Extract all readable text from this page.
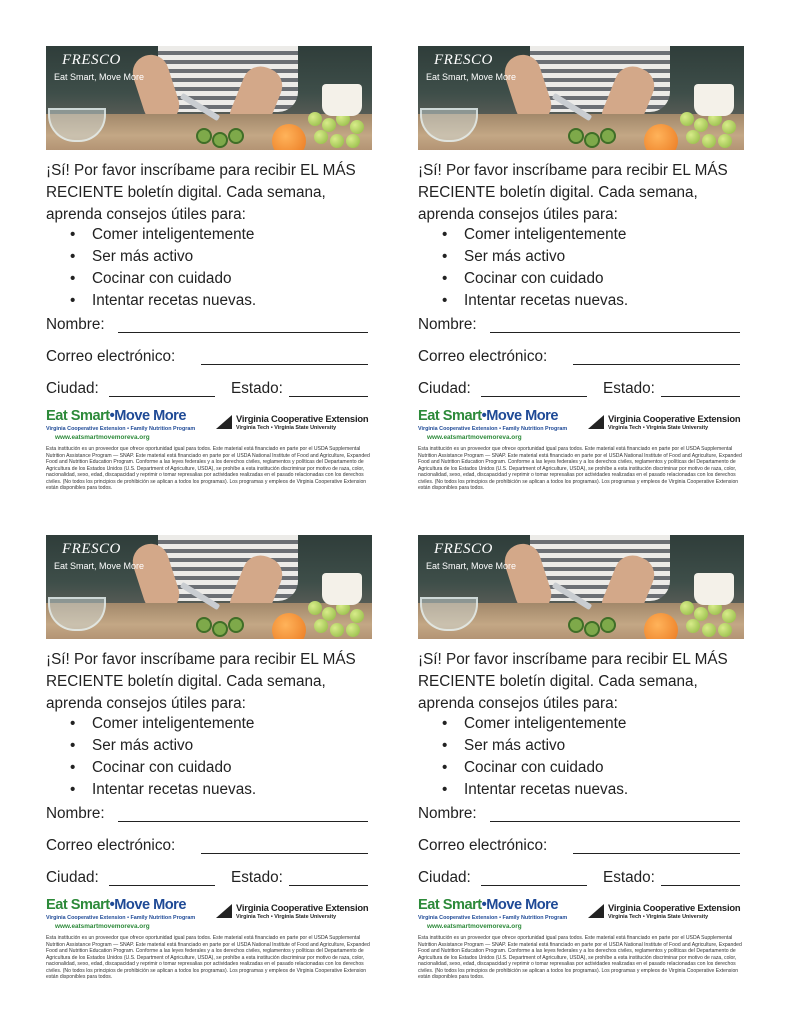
FRESCO
Eat Smart, Move More
¡Sí! Por favor inscríbame para recibir EL MÁS RECIENTE boletín digital. Cada semana, aprenda consejos útiles para:
• Comer inteligentemente
• Ser más activo
• Cocinar con cuidado
• Intentar recetas nuevas.
Nombre:
Correo electrónico:
Ciudad:	Estado:
Eat Smart•Move More
Virginia Cooperative Extension • Family Nutrition Program
www.eatsmartmovemoreva.org
Virginia Cooperative Extension
Virginia Tech • Virginia State University
Esta institución es un proveedor que ofrece oportunidad igual para todos. Este material está financiado en parte por el USDA Supplemental Nutrition Assistance Program — SNAP. Este material está financiado en parte por el USDA National Institute of Food and Agriculture, Expanded Food and Nutrition Education Program. Conforme a las leyes federales y a los derechos civiles, reglamentos y políticas del Departamento de Agricultura de los Estados Unidos (U.S. Department of Agriculture, USDA), se prohíbe a esta institución discriminar por motivo de raza, color, nacionalidad, sexo, edad, discapacidad y reprimir o tomar represalias por actividades realizadas en el pasado relacionadas con los derechos civiles. (No todos los principios de prohibición se aplican a todos los programas). Los programas y empleos de Virginia Cooperative Extension están disponibles para todos.
FRESCO
Eat Smart, Move More
¡Sí! Por favor inscríbame para recibir EL MÁS RECIENTE boletín digital. Cada semana, aprenda consejos útiles para:
• Comer inteligentemente
• Ser más activo
• Cocinar con cuidado
• Intentar recetas nuevas.
Nombre:
Correo electrónico:
Ciudad:	Estado:
Eat Smart•Move More
Virginia Cooperative Extension • Family Nutrition Program
www.eatsmartmovemoreva.org
Virginia Cooperative Extension
Virginia Tech • Virginia State University
Esta institución es un proveedor que ofrece oportunidad igual para todos. Este material está financiado en parte por el USDA Supplemental Nutrition Assistance Program — SNAP. Este material está financiado en parte por el USDA National Institute of Food and Agriculture, Expanded Food and Nutrition Education Program. Conforme a las leyes federales y a los derechos civiles, reglamentos y políticas del Departamento de Agricultura de los Estados Unidos (U.S. Department of Agriculture, USDA), se prohíbe a esta institución discriminar por motivo de raza, color, nacionalidad, sexo, edad, discapacidad y reprimir o tomar represalias por actividades realizadas en el pasado relacionadas con los derechos civiles. (No todos los principios de prohibición se aplican a todos los programas). Los programas y empleos de Virginia Cooperative Extension están disponibles para todos.
FRESCO
Eat Smart, Move More
¡Sí! Por favor inscríbame para recibir EL MÁS RECIENTE boletín digital. Cada semana, aprenda consejos útiles para:
• Comer inteligentemente
• Ser más activo
• Cocinar con cuidado
• Intentar recetas nuevas.
Nombre:
Correo electrónico:
Ciudad:	Estado:
Eat Smart•Move More
Virginia Cooperative Extension • Family Nutrition Program
www.eatsmartmovemoreva.org
Virginia Cooperative Extension
Virginia Tech • Virginia State University
Esta institución es un proveedor que ofrece oportunidad igual para todos. Este material está financiado en parte por el USDA Supplemental Nutrition Assistance Program — SNAP. Este material está financiado en parte por el USDA National Institute of Food and Agriculture, Expanded Food and Nutrition Education Program. Conforme a las leyes federales y a los derechos civiles, reglamentos y políticas del Departamento de Agricultura de los Estados Unidos (U.S. Department of Agriculture, USDA), se prohíbe a esta institución discriminar por motivo de raza, color, nacionalidad, sexo, edad, discapacidad y reprimir o tomar represalias por actividades realizadas en el pasado relacionadas con los derechos civiles. (No todos los principios de prohibición se aplican a todos los programas). Los programas y empleos de Virginia Cooperative Extension están disponibles para todos.
FRESCO
Eat Smart, Move More
¡Sí! Por favor inscríbame para recibir EL MÁS RECIENTE boletín digital. Cada semana, aprenda consejos útiles para:
• Comer inteligentemente
• Ser más activo
• Cocinar con cuidado
• Intentar recetas nuevas.
Nombre:
Correo electrónico:
Ciudad:	Estado:
Eat Smart•Move More
Virginia Cooperative Extension • Family Nutrition Program
www.eatsmartmovemoreva.org
Virginia Cooperative Extension
Virginia Tech • Virginia State University
Esta institución es un proveedor que ofrece oportunidad igual para todos. Este material está financiado en parte por el USDA Supplemental Nutrition Assistance Program — SNAP. Este material está financiado en parte por el USDA National Institute of Food and Agriculture, Expanded Food and Nutrition Education Program. Conforme a las leyes federales y a los derechos civiles, reglamentos y políticas del Departamento de Agricultura de los Estados Unidos (U.S. Department of Agriculture, USDA), se prohíbe a esta institución discriminar por motivo de raza, color, nacionalidad, sexo, edad, discapacidad y reprimir o tomar represalias por actividades realizadas en el pasado relacionadas con los derechos civiles. (No todos los principios de prohibición se aplican a todos los programas). Los programas y empleos de Virginia Cooperative Extension están disponibles para todos.
